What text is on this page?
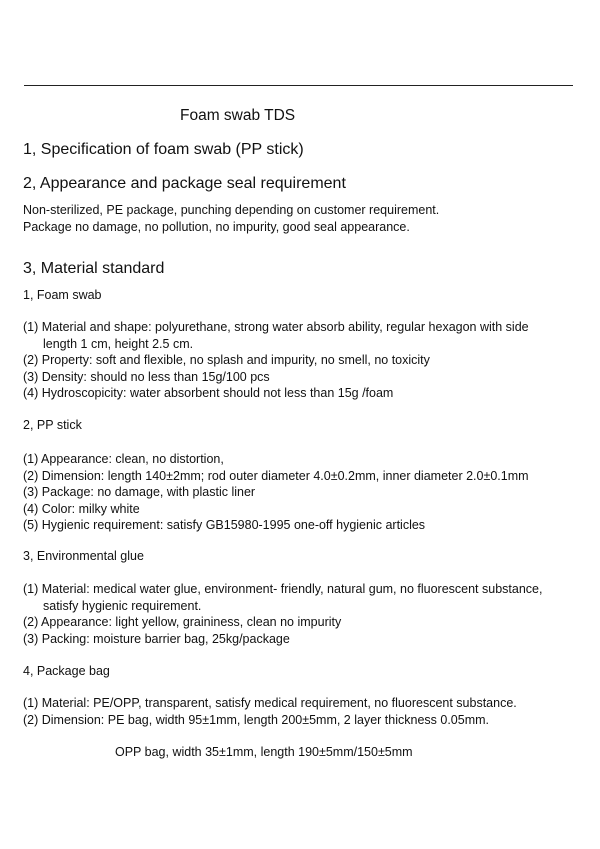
Foam swab TDS
1, Specification of foam swab (PP stick)
2, Appearance and package seal requirement
Non-sterilized, PE package, punching depending on customer requirement.
Package no damage, no pollution, no impurity, good seal appearance.
3, Material standard
1, Foam swab
(1) Material and shape: polyurethane, strong water absorb ability, regular hexagon with side
length 1 cm, height 2.5 cm.
(2) Property: soft and flexible, no splash and impurity, no smell, no toxicity
(3) Density: should no less than 15g/100 pcs
(4) Hydroscopicity: water absorbent should not less than 15g /foam
2, PP stick
(1) Appearance: clean, no distortion,
(2) Dimension: length 140±2mm; rod outer diameter 4.0±0.2mm, inner diameter 2.0±0.1mm
(3) Package: no damage, with plastic liner
(4) Color: milky white
(5) Hygienic requirement: satisfy GB15980-1995 one-off hygienic articles
3, Environmental glue
(1) Material: medical water glue, environment- friendly, natural gum, no fluorescent substance,
satisfy hygienic requirement.
(2) Appearance: light yellow, graininess, clean no impurity
(3) Packing: moisture barrier bag, 25kg/package
4, Package bag
(1) Material: PE/OPP, transparent, satisfy medical requirement, no fluorescent substance.
(2) Dimension: PE bag, width 95±1mm, length 200±5mm, 2 layer thickness 0.05mm.
OPP bag, width 35±1mm, length 190±5mm/150±5mm
